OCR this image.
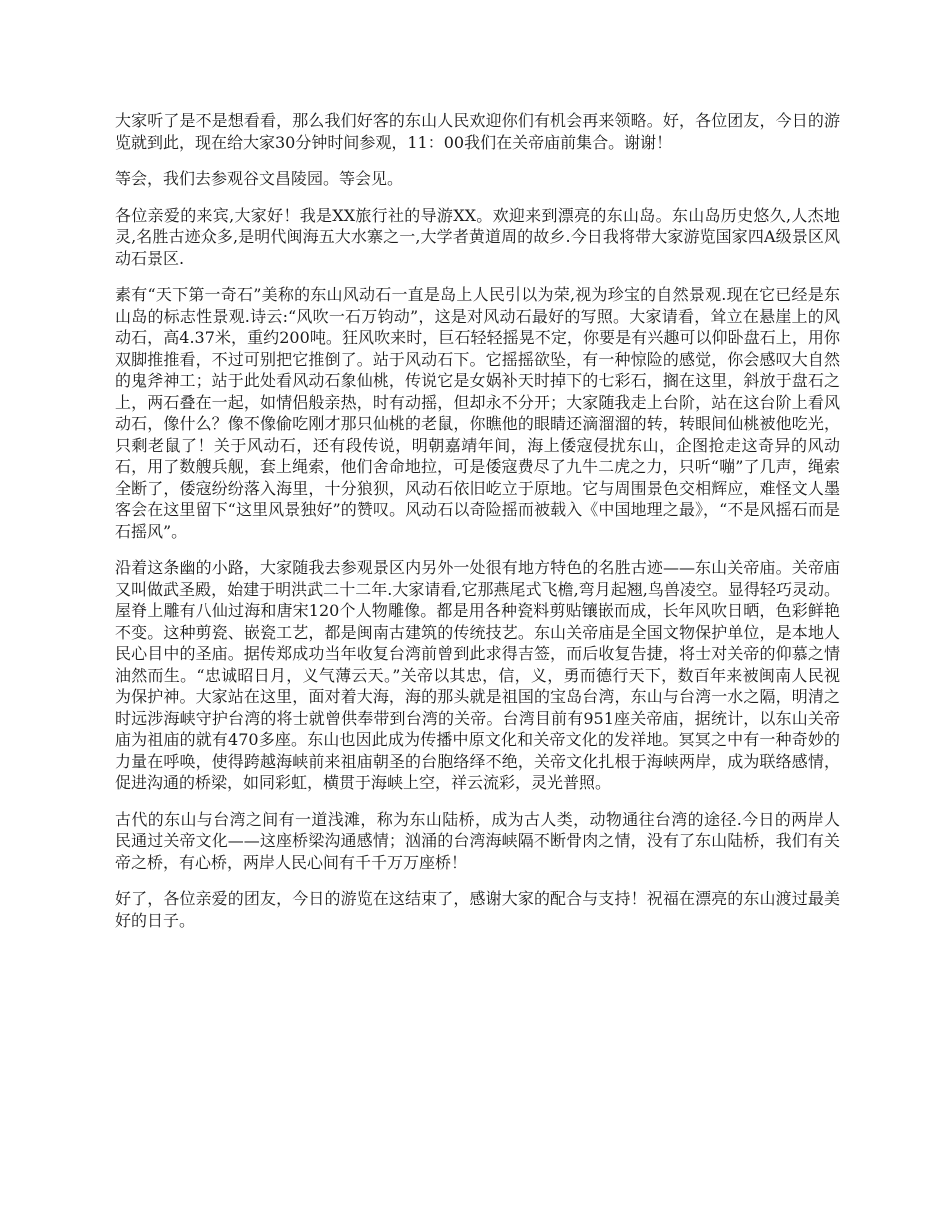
大家听了是不是想看看，那么我们好客的东山人民欢迎你们有机会再来领略。好，各位团友，今日的游览就到此，现在给大家30分钟时间参观，11：00我们在关帝庙前集合。谢谢！

等会，我们去参观谷文昌陵园。等会见。

各位亲爱的来宾,大家好！我是XX旅行社的导游XX。欢迎来到漂亮的东山岛。东山岛历史悠久,人杰地灵,名胜古迹众多,是明代闽海五大水寨之一,大学者黄道周的故乡.今日我将带大家游览国家四A级景区风动石景区.

素有“天下第一奇石”美称的东山风动石一直是岛上人民引以为荣,视为珍宝的自然景观.现在它已经是东山岛的标志性景观.诗云:“风吹一石万钧动”，这是对风动石最好的写照。大家请看，耸立在悬崖上的风动石，高4.37米，重约200吨。狂风吹来时，巨石轻轻摇晃不定，你要是有兴趣可以仰卧盘石上，用你双脚推推看，不过可别把它推倒了。站于风动石下。它摇摇欲坠，有一种惊险的感觉，你会感叹大自然的鬼斧神工；站于此处看风动石象仙桃，传说它是女娲补天时掉下的七彩石，搁在这里，斜放于盘石之上，两石叠在一起，如情侣般亲热，时有动摇，但却永不分开；大家随我走上台阶，站在这台阶上看风动石，像什么？像不像偷吃刚才那只仙桃的老鼠，你瞧他的眼睛还滴溜溜的转，转眼间仙桃被他吃光，只剩老鼠了！关于风动石，还有段传说，明朝嘉靖年间，海上倭寇侵扰东山，企图抢走这奇异的风动石，用了数艘兵舰，套上绳索，他们舍命地拉，可是倭寇费尽了九牛二虎之力，只听“嘣”了几声，绳索全断了，倭寇纷纷落入海里，十分狼狈，风动石依旧屹立于原地。它与周围景色交相辉应，难怪文人墨客会在这里留下“这里风景独好”的赞叹。风动石以奇险摇而被载入《中国地理之最》，“不是风摇石而是石摇风”。

沿着这条幽的小路，大家随我去参观景区内另外一处很有地方特色的名胜古迹——东山关帝庙。关帝庙又叫做武圣殿，始建于明洪武二十二年.大家请看,它那燕尾式飞檐,弯月起翘,鸟兽凌空。显得轻巧灵动。屋脊上雕有八仙过海和唐宋120个人物雕像。都是用各种瓷料剪贴镶嵌而成，长年风吹日晒，色彩鲜艳不变。这种剪瓷、嵌瓷工艺，都是闽南古建筑的传统技艺。东山关帝庙是全国文物保护单位，是本地人民心目中的圣庙。据传郑成功当年收复台湾前曾到此求得吉签，而后收复告捷，将士对关帝的仰慕之情油然而生。“忠诚昭日月，义气薄云天。”关帝以其忠，信，义，勇而德行天下，数百年来被闽南人民视为保护神。大家站在这里，面对着大海，海的那头就是祖国的宝岛台湾，东山与台湾一水之隔，明清之时远涉海峡守护台湾的将士就曾供奉带到台湾的关帝。台湾目前有951座关帝庙，据统计，以东山关帝庙为祖庙的就有470多座。东山也因此成为传播中原文化和关帝文化的发祥地。冥冥之中有一种奇妙的力量在呼唤，使得跨越海峡前来祖庙朝圣的台胞络绎不绝，关帝文化扎根于海峡两岸，成为联络感情，促进沟通的桥梁，如同彩虹，横贯于海峡上空，祥云流彩，灵光普照。

古代的东山与台湾之间有一道浅滩，称为东山陆桥，成为古人类，动物通往台湾的途径.今日的两岸人民通过关帝文化——这座桥梁沟通感情；汹涌的台湾海峡隔不断骨肉之情，没有了东山陆桥，我们有关帝之桥，有心桥，两岸人民心间有千千万万座桥！

好了，各位亲爱的团友，今日的游览在这结束了，感谢大家的配合与支持！祝福在漂亮的东山渡过最美好的日子。
